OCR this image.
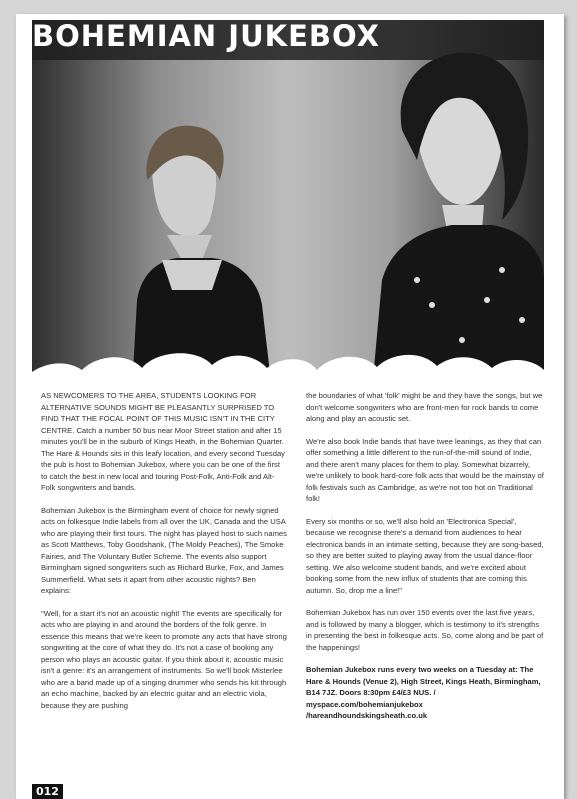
BOHEMIAN JUKEBOX

AS NEWCOMERS TO THE AREA, STUDENTS LOOKING FOR ALTERNATIVE SOUNDS MIGHT BE PLEASANTLY SURPRISED TO FIND THAT THE FOCAL POINT OF THIS MUSIC ISN'T IN THE CITY CENTRE. Catch a number 50 bus near Moor Street station and after 15 minutes you'll be in the suburb of Kings Heath, in the Bohemian Quarter. The Hare & Hounds sits in this leafy location, and every second Tuesday the pub is host to Bohemian Jukebox, where you can be one of the first to catch the best in new local and touring Post-Folk, Anti-Folk and Alt-Folk songwriters and bands.

Bohemian Jukebox is the Birmingham event of choice for newly signed acts on folkesque Indie labels from all over the UK, Canada and the USA who are playing their first tours. The night has played host to such names as Scott Matthews, Toby Goodshank, (The Moldy Peaches), The Smoke Fairies, and The Voluntary Butler Scheme. The events also support Birmingham signed songwriters such as Richard Burke, Fox, and James Summerfield. What sets it apart from other acoustic nights? Ben explains:

"Well, for a start it's not an acoustic night! The events are specifically for acts who are playing in and around the borders of the folk genre. In essence this means that we're keen to promote any acts that have strong songwriting at the core of what they do. It's not a case of booking any person who plays an acoustic guitar. If you think about it, acoustic music isn't a genre: it's an arrangement of instruments. So we'll book Misterlee who are a band made up of a singing drummer who sends his kit through an echo machine, backed by an electric guitar and an electric viola, because they are pushing

the boundaries of what 'folk' might be and they have the songs, but we don't welcome songwriters who are front-men for rock bands to come along and play an acoustic set.

We're also book Indie bands that have twee leanings, as they that can offer something a little different to the run-of-the-mill sound of Indie, and there aren't many places for them to play. Somewhat bizarrely, we're unlikely to book hard-core folk acts that would be the mainstay of folk festivals such as Cambridge, as we're not too hot on Traditional folk!

Every six months or so, we'll also hold an 'Electronica Special', because we recognise there's a demand from audiences to hear electronica bands in an intimate setting, because they are song-based, so they are better suited to playing away from the usual dance-floor setting. We also welcome student bands, and we're excited about booking some from the new influx of students that are coming this autumn. So, drop me a line!"

Bohemian Jukebox has run over 150 events over the last five years, and is followed by many a blogger, which is testimony to it's strengths in presenting the best in folkesque acts. So, come along and be part of the happenings!

Bohemian Jukebox runs every two weeks on a Tuesday at: The Hare & Hounds (Venue 2), High Street, Kings Heath, Birmingham, B14 7JZ. Doors 8:30pm £4/£3 NUS. / myspace.com/bohemianjukebox /hareandhoundskingsheath.co.uk

012
